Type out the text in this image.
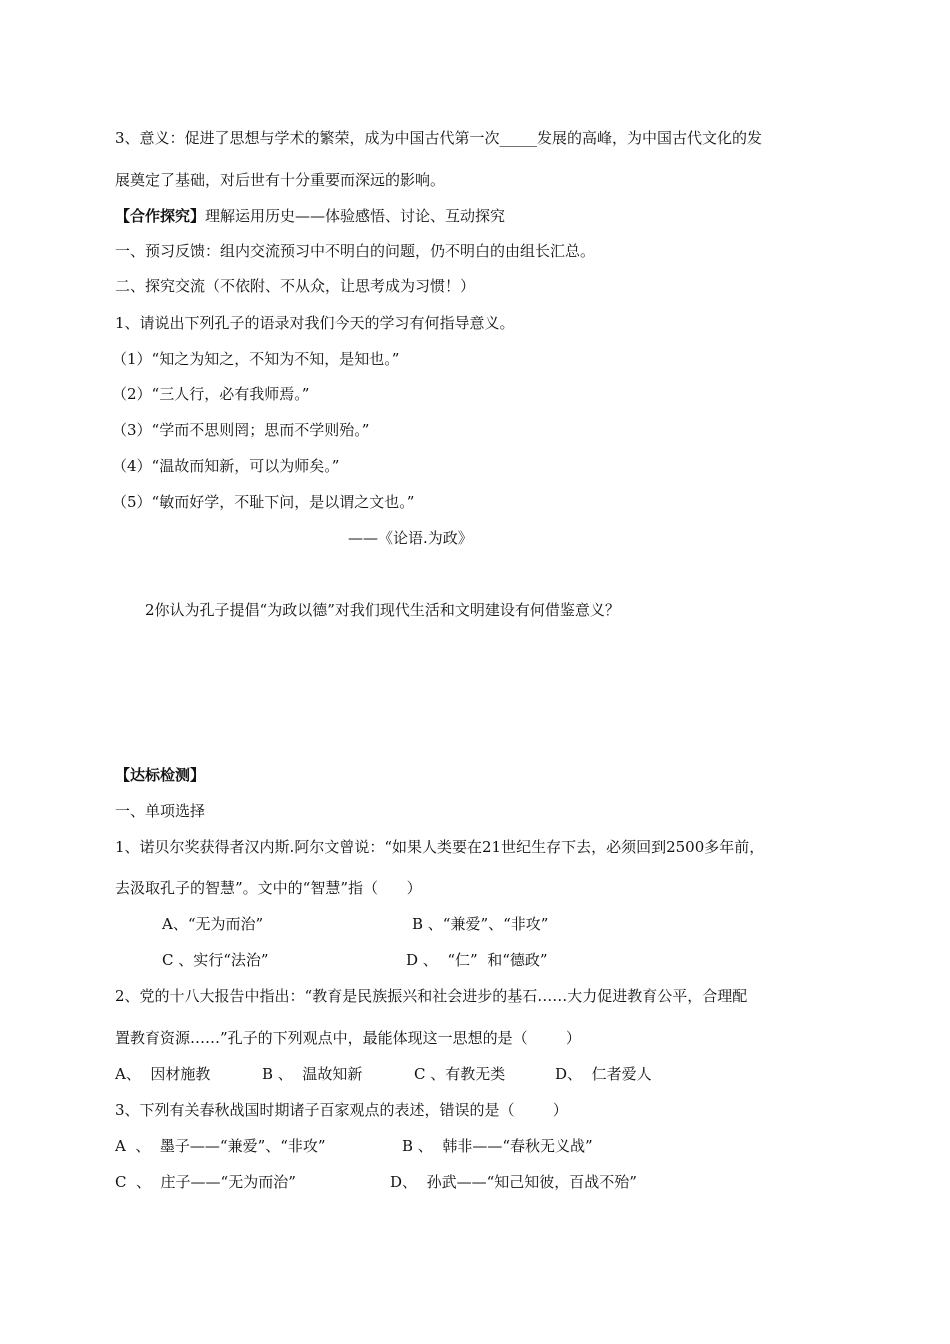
3、意义：促进了思想与学术的繁荣，成为中国古代第一次_____发展的高峰，为中国古代文化的发

展奠定了基础，对后世有十分重要而深远的影响。

【合作探究】理解运用历史——体验感悟、讨论、互动探究

一、预习反馈：组内交流预习中不明白的问题，仍不明白的由组长汇总。

二、探究交流（不依附、不从众，让思考成为习惯！）

1、请说出下列孔子的语录对我们今天的学习有何指导意义。

（1）“知之为知之，不知为不知，是知也。”

（2）“三人行，必有我师焉。”

（3）“学而不思则罔；思而不学则殆。”

（4）“温故而知新，可以为师矣。”

（5）“敏而好学，不耻下问，是以谓之文也。”

——《论语.为政》

2你认为孔子提倡“为政以德”对我们现代生活和文明建设有何借鉴意义？

【达标检测】

一、单项选择

1、诺贝尔奖获得者汉内斯.阿尔文曾说：“如果人类要在21世纪生存下去，必须回到2500多年前，

去汲取孔子的智慧”。文中的“智慧”指（      ）

A、“无为而治”	B 、“兼爱”、“非攻”

C 、实行“法治”	D 、  “仁”  和“德政”

2、党的十八大报告中指出：“教育是民族振兴和社会进步的基石……大力促进教育公平，合理配

置教育资源……”孔子的下列观点中，最能体现这一思想的是（        ）

A、  因材施教	B 、  温故知新	C 、有教无类	D、  仁者爱人

3、下列有关春秋战国时期诸子百家观点的表述，错误的是（        ）

A  、  墨子——“兼爱”、“非攻”	B 、  韩非——“春秋无义战”

C  、  庄子——“无为而治”	D、  孙武——“知己知彼，百战不殆”
